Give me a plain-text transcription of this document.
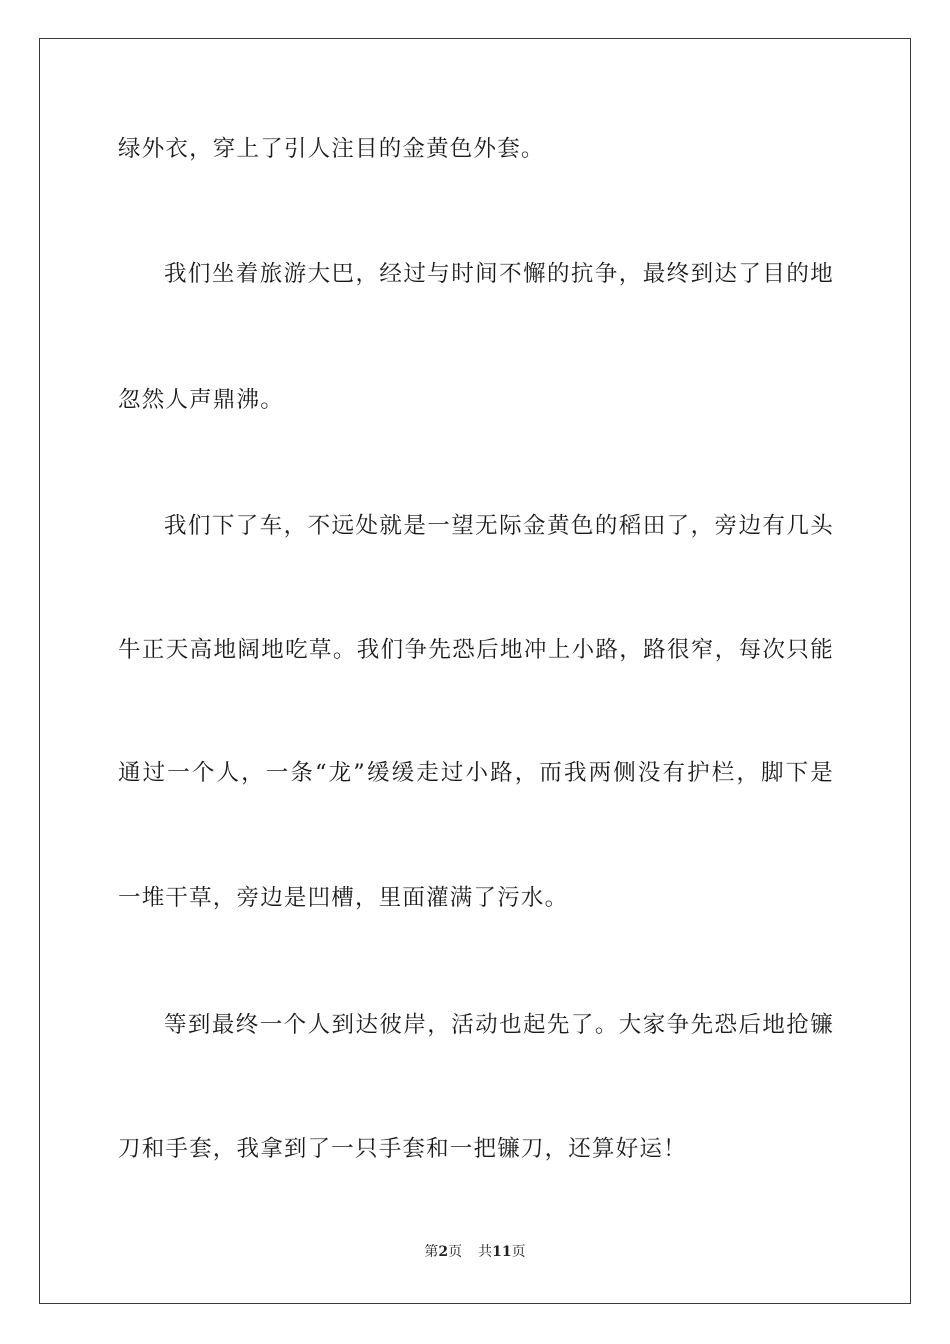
绿外衣，穿上了引人注目的金黄色外套。
我们坐着旅游大巴，经过与时间不懈的抗争，最终到达了目的地
忽然人声鼎沸。
我们下了车，不远处就是一望无际金黄色的稻田了，旁边有几头
牛正天高地阔地吃草。我们争先恐后地冲上小路，路很窄，每次只能
通过一个人，一条“龙”缓缓走过小路，而我两侧没有护栏，脚下是
一堆干草，旁边是凹槽，里面灌满了污水。
等到最终一个人到达彼岸，活动也起先了。大家争先恐后地抢镰
刀和手套，我拿到了一只手套和一把镰刀，还算好运！
第2页 共11页
